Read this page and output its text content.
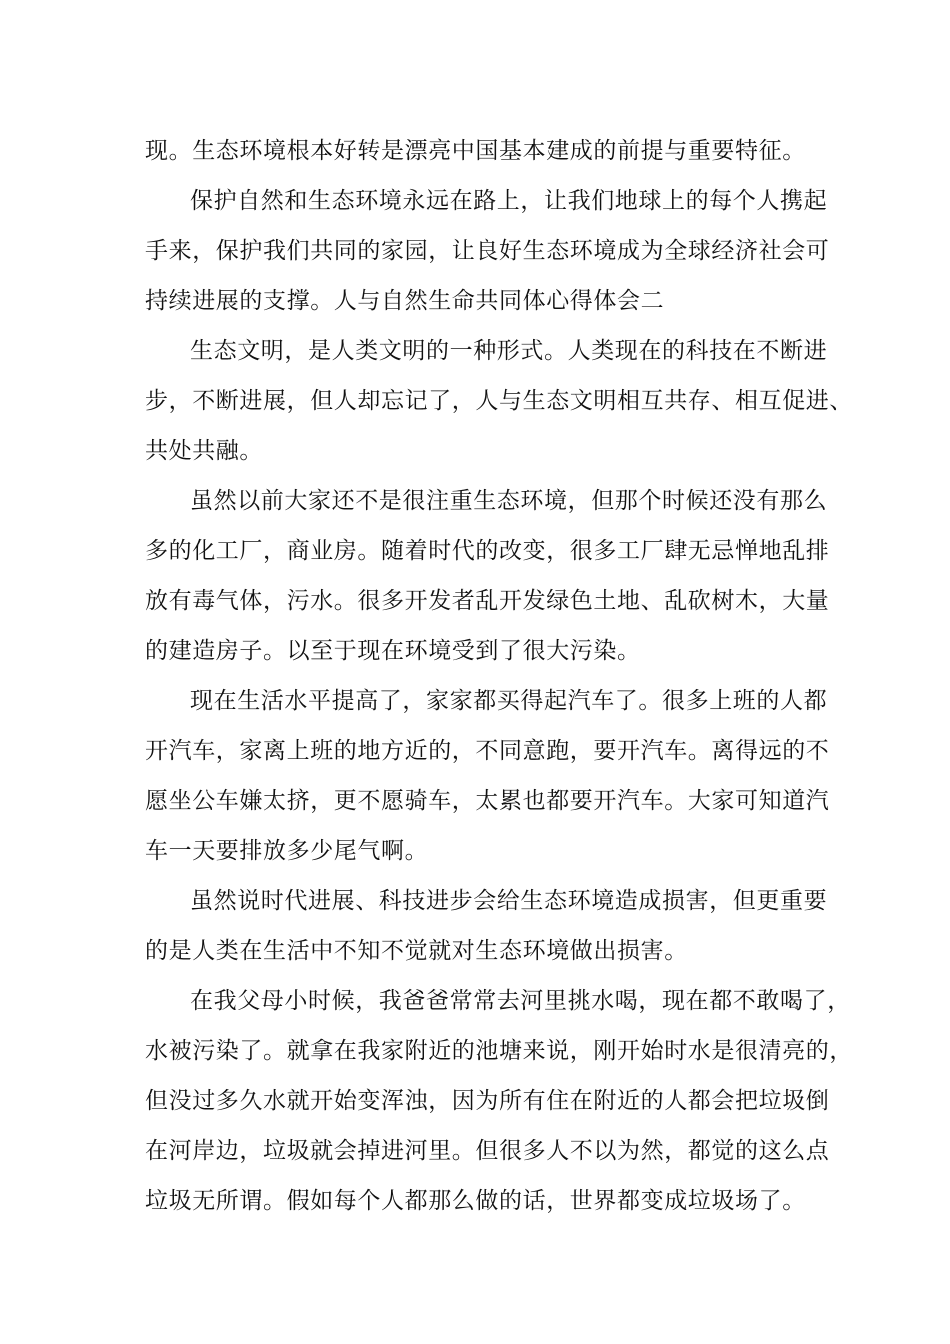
现。生态环境根本好转是漂亮中国基本建成的前提与重要特征。
保护自然和生态环境永远在路上，让我们地球上的每个人携起
手来，保护我们共同的家园，让良好生态环境成为全球经济社会可
持续进展的支撑。人与自然生命共同体心得体会二
生态文明，是人类文明的一种形式。人类现在的科技在不断进
步，不断进展，但人却忘记了，人与生态文明相互共存、相互促进、
共处共融。
虽然以前大家还不是很注重生态环境，但那个时候还没有那么
多的化工厂，商业房。随着时代的改变，很多工厂肆无忌惮地乱排
放有毒气体，污水。很多开发者乱开发绿色土地、乱砍树木，大量
的建造房子。以至于现在环境受到了很大污染。
现在生活水平提高了，家家都买得起汽车了。很多上班的人都
开汽车，家离上班的地方近的，不同意跑，要开汽车。离得远的不
愿坐公车嫌太挤，更不愿骑车，太累也都要开汽车。大家可知道汽
车一天要排放多少尾气啊。
虽然说时代进展、科技进步会给生态环境造成损害，但更重要
的是人类在生活中不知不觉就对生态环境做出损害。
在我父母小时候，我爸爸常常去河里挑水喝，现在都不敢喝了，
水被污染了。就拿在我家附近的池塘来说，刚开始时水是很清亮的，
但没过多久水就开始变浑浊，因为所有住在附近的人都会把垃圾倒
在河岸边，垃圾就会掉进河里。但很多人不以为然，都觉的这么点
垃圾无所谓。假如每个人都那么做的话，世界都变成垃圾场了。
